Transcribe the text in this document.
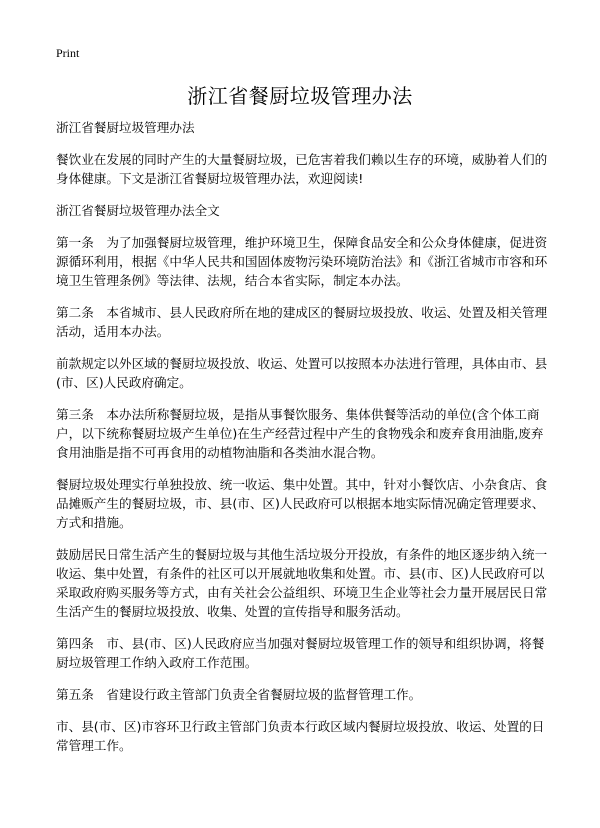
Print
浙江省餐厨垃圾管理办法

浙江省餐厨垃圾管理办法

餐饮业在发展的同时产生的大量餐厨垃圾，已危害着我们赖以生存的环境，威胁着人们的身体健康。下文是浙江省餐厨垃圾管理办法，欢迎阅读!

浙江省餐厨垃圾管理办法全文

第一条　为了加强餐厨垃圾管理，维护环境卫生，保障食品安全和公众身体健康，促进资源循环利用，根据《中华人民共和国固体废物污染环境防治法》和《浙江省城市市容和环境卫生管理条例》等法律、法规，结合本省实际，制定本办法。

第二条　本省城市、县人民政府所在地的建成区的餐厨垃圾投放、收运、处置及相关管理活动，适用本办法。

前款规定以外区域的餐厨垃圾投放、收运、处置可以按照本办法进行管理，具体由市、县(市、区)人民政府确定。

第三条　本办法所称餐厨垃圾，是指从事餐饮服务、集体供餐等活动的单位(含个体工商户，以下统称餐厨垃圾产生单位)在生产经营过程中产生的食物残余和废弃食用油脂,废弃食用油脂是指不可再食用的动植物油脂和各类油水混合物。

餐厨垃圾处理实行单独投放、统一收运、集中处置。其中，针对小餐饮店、小杂食店、食品摊贩产生的餐厨垃圾，市、县(市、区)人民政府可以根据本地实际情况确定管理要求、方式和措施。

鼓励居民日常生活产生的餐厨垃圾与其他生活垃圾分开投放，有条件的地区逐步纳入统一收运、集中处置，有条件的社区可以开展就地收集和处置。市、县(市、区)人民政府可以采取政府购买服务等方式，由有关社会公益组织、环境卫生企业等社会力量开展居民日常生活产生的餐厨垃圾投放、收集、处置的宣传指导和服务活动。

第四条　市、县(市、区)人民政府应当加强对餐厨垃圾管理工作的领导和组织协调，将餐厨垃圾管理工作纳入政府工作范围。

第五条　省建设行政主管部门负责全省餐厨垃圾的监督管理工作。

市、县(市、区)市容环卫行政主管部门负责本行政区域内餐厨垃圾投放、收运、处置的日常管理工作。
